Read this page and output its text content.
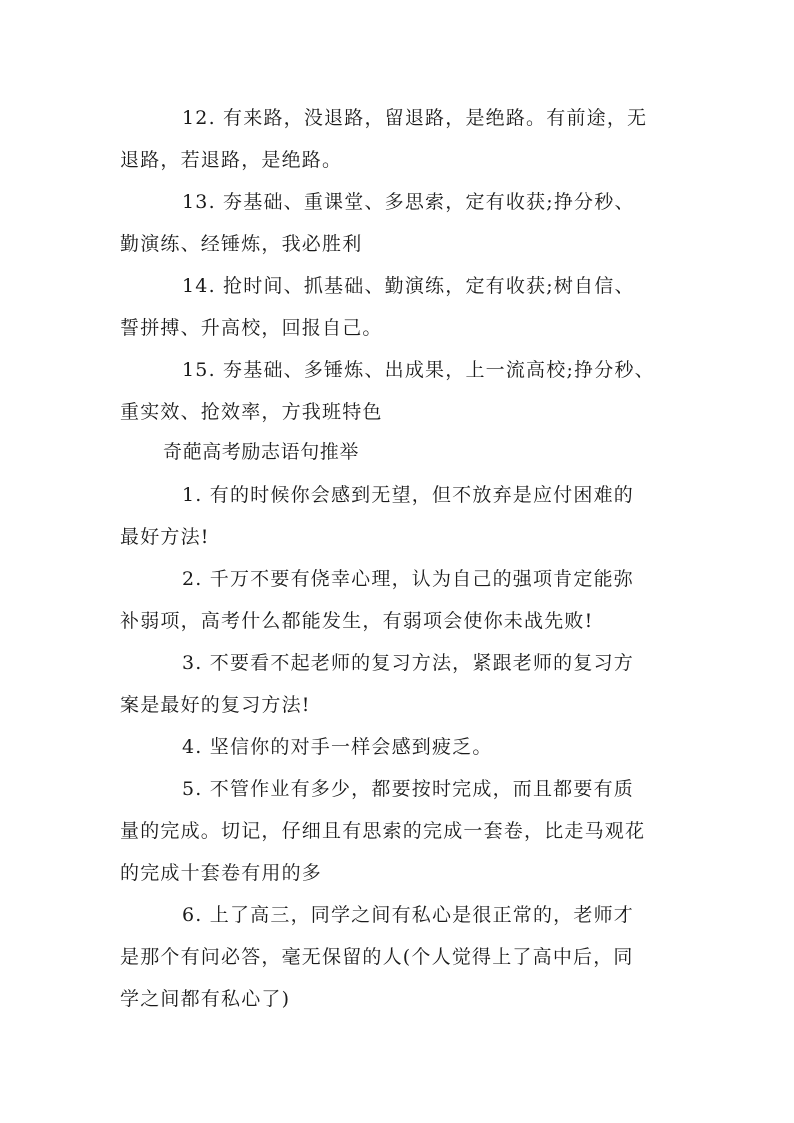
12. 有来路，没退路，留退路，是绝路。有前途，无
退路，若退路，是绝路。
13. 夯基础、重课堂、多思索，定有收获;挣分秒、
勤演练、经锤炼，我必胜利
14. 抢时间、抓基础、勤演练，定有收获;树自信、
誓拼搏、升高校，回报自己。
15. 夯基础、多锤炼、出成果，上一流高校;挣分秒、
重实效、抢效率，方我班特色
奇葩高考励志语句推举
1. 有的时候你会感到无望，但不放弃是应付困难的
最好方法!
2. 千万不要有侥幸心理，认为自己的强项肯定能弥
补弱项，高考什么都能发生，有弱项会使你未战先败!
3. 不要看不起老师的复习方法，紧跟老师的复习方
案是最好的复习方法!
4. 坚信你的对手一样会感到疲乏。
5. 不管作业有多少，都要按时完成，而且都要有质
量的完成。切记，仔细且有思索的完成一套卷，比走马观花
的完成十套卷有用的多
6. 上了高三，同学之间有私心是很正常的，老师才
是那个有问必答，毫无保留的人(个人觉得上了高中后，同
学之间都有私心了)
